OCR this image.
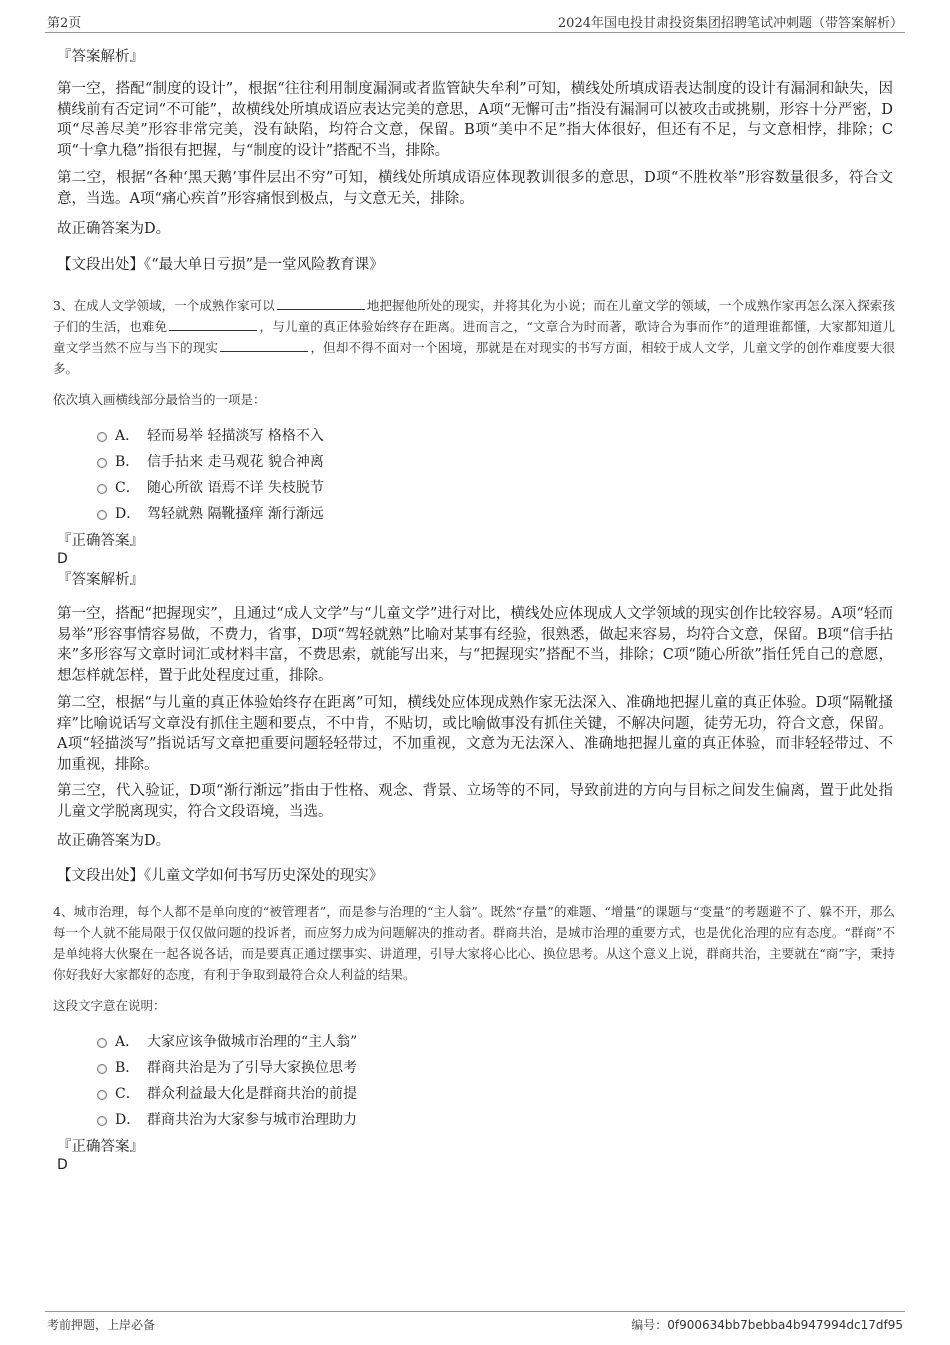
第2页	2024年国电投甘肃投资集团招聘笔试冲刺题（带答案解析）
『答案解析』
第一空，搭配“制度的设计”，根据“往往利用制度漏洞或者监管缺失牟利”可知，横线处所填成语表达制度的设计有漏洞和缺失，因横线前有否定词“不可能”，故横线处所填成语应表达完美的意思，A项“无懈可击”指没有漏洞可以被攻击或挑剔，形容十分严密，D项“尽善尽美”形容非常完美，没有缺陷，均符合文意，保留。B项“美中不足”指大体很好，但还有不足，与文意相悖，排除；C项“十拿九稳”指很有把握，与“制度的设计”搭配不当，排除。
第二空，根据“各种‘黑天鹅’事件层出不穷”可知，横线处所填成语应体现教训很多的意思，D项“不胜枚举”形容数量很多，符合文意，当选。A项“痛心疾首”形容痛恨到极点，与文意无关，排除。
故正确答案为D。
【文段出处】《“最大单日亏损”是一堂风险教育课》
3、在成人文学领域，一个成熟作家可以	地把握他所处的现实，并将其化为小说；而在儿童文学的领域，一个成熟作家再怎么深入探索孩子们的生活，也难免	，与儿童的真正体验始终存在距离。进而言之，“文章合为时而著，歌诗合为事而作”的道理谁都懂，大家都知道儿童文学当然不应与当下的现实	，但却不得不面对一个困境，那就是在对现实的书写方面，相较于成人文学，儿童文学的创作难度要大很多。
依次填入画横线部分最恰当的一项是：
A． 轻而易举 轻描淡写 格格不入
B． 信手拈来 走马观花 貌合神离
C． 随心所欲 语焉不详 失枝脱节
D． 驾轻就熟 隔靴搔痒 渐行渐远
『正确答案』
D
『答案解析』
第一空，搭配“把握现实”，且通过“成人文学”与“儿童文学”进行对比，横线处应体现成人文学领域的现实创作比较容易。A项“轻而易举”形容事情容易做，不费力，省事，D项“驾轻就熟”比喻对某事有经验，很熟悉，做起来容易，均符合文意，保留。B项“信手拈来”多形容写文章时词汇或材料丰富，不费思索，就能写出来，与“把握现实”搭配不当，排除；C项“随心所欲”指任凭自己的意愿，想怎样就怎样，置于此处程度过重，排除。
第二空，根据“与儿童的真正体验始终存在距离”可知，横线处应体现成熟作家无法深入、准确地把握儿童的真正体验。D项“隔靴搔痒”比喻说话写文章没有抓住主题和要点，不中肯，不贴切，或比喻做事没有抓住关键，不解决问题，徒劳无功，符合文意，保留。A项“轻描淡写”指说话写文章把重要问题轻轻带过，不加重视，文意为无法深入、准确地把握儿童的真正体验，而非轻轻带过、不加重视，排除。
第三空，代入验证，D项“渐行渐远”指由于性格、观念、背景、立场等的不同，导致前进的方向与目标之间发生偏离，置于此处指儿童文学脱离现实，符合文段语境，当选。
故正确答案为D。
【文段出处】《儿童文学如何书写历史深处的现实》
4、城市治理，每个人都不是单向度的“被管理者”，而是参与治理的“主人翁”。既然“存量”的难题、“增量”的课题与“变量”的考题避不了、躲不开，那么每一个人就不能局限于仅仅做问题的投诉者，而应努力成为问题解决的推动者。群商共治，是城市治理的重要方式，也是优化治理的应有态度。“群商”不是单纯将大伙聚在一起各说各话，而是要真正通过摆事实、讲道理，引导大家将心比心、换位思考。从这个意义上说，群商共治，主要就在“商”字，秉持你好我好大家都好的态度，有利于争取到最符合众人利益的结果。
这段文字意在说明：
A． 大家应该争做城市治理的“主人翁”
B． 群商共治是为了引导大家换位思考
C． 群众利益最大化是群商共治的前提
D． 群商共治为大家参与城市治理助力
『正确答案』
D
考前押题，上岸必备	编号：0f900634bb7bebba4b947994dc17df95
